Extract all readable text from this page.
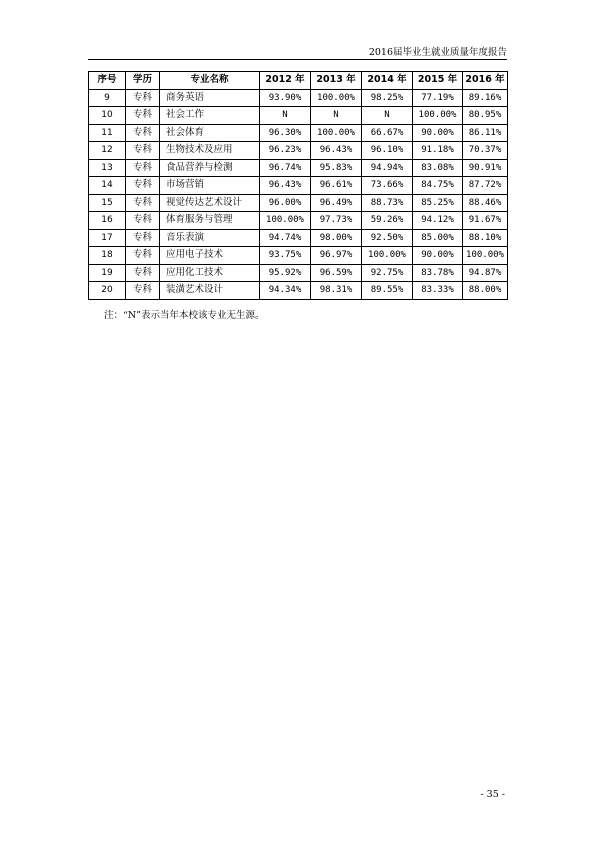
2016届毕业生就业质量年度报告
序号	学历	专业名称	2012 年	2013 年	2014 年	2015 年	2016 年
9	专科	商务英语	93.90%	100.00%	98.25%	77.19%	89.16%
10	专科	社会工作	N	N	N	100.00%	80.95%
11	专科	社会体育	96.30%	100.00%	66.67%	90.00%	86.11%
12	专科	生物技术及应用	96.23%	96.43%	96.10%	91.18%	70.37%
13	专科	食品营养与检测	96.74%	95.83%	94.94%	83.08%	90.91%
14	专科	市场营销	96.43%	96.61%	73.66%	84.75%	87.72%
15	专科	视觉传达艺术设计	96.00%	96.49%	88.73%	85.25%	88.46%
16	专科	体育服务与管理	100.00%	97.73%	59.26%	94.12%	91.67%
17	专科	音乐表演	94.74%	98.00%	92.50%	85.00%	88.10%
18	专科	应用电子技术	93.75%	96.97%	100.00%	90.00%	100.00%
19	专科	应用化工技术	95.92%	96.59%	92.75%	83.78%	94.87%
20	专科	装潢艺术设计	94.34%	98.31%	89.55%	83.33%	88.00%
注：“N”表示当年本校该专业无生源。
- 35 -
